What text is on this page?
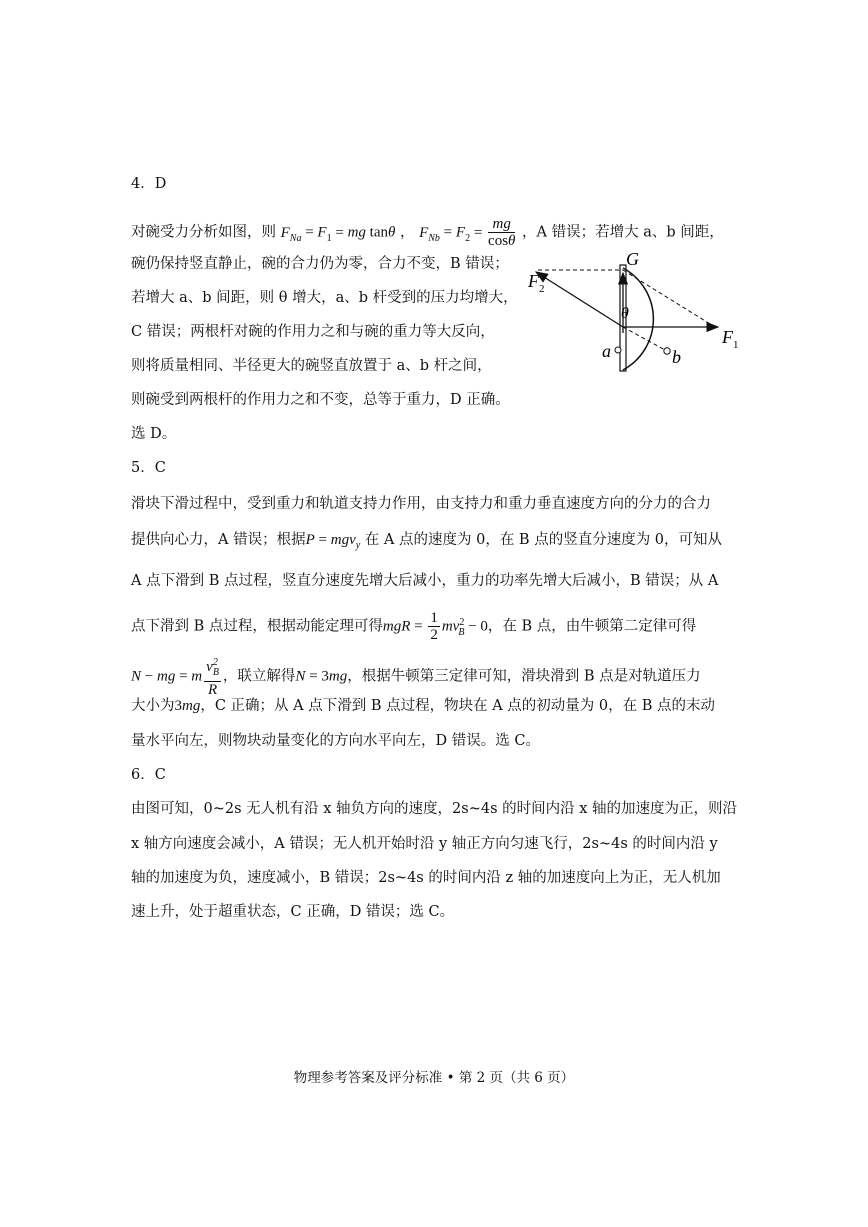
4．D
对碗受力分析如图，则 $F_{Na} = F_1$ = mg tanθ ， $F_{Nb} = F_2 = \frac{mg}{\cos\theta}$ ，A 错误；若增大 a、b 间距，
碗仍保持竖直静止，碗的合力仍为零，合力不变，B 错误；
若增大 a、b 间距，则 θ 增大，a、b 杆受到的压力均增大，
C 错误；两根杆对碗的作用力之和与碗的重力等大反向，
则将质量相同、半径更大的碗竖直放置于 a、b 杆之间，
则碗受到两根杆的作用力之和不变，总等于重力，D 正确。
选 D。
G
$F_2$
$F_1$
θ
a	b
5．C
滑块下滑过程中，受到重力和轨道支持力作用，由支持力和重力垂直速度方向的分力的合力
提供向心力，A 错误；根据P = mgv$_y$ 在 A 点的速度为 0，在 B 点的竖直分速度为 0，可知从
A 点下滑到 B 点过程，竖直分速度先增大后减小，重力的功率先增大后减小，B 错误；从 A
点下滑到 B 点过程，根据动能定理可得mgR = $\frac{1}{2} mv^2_B - 0$，在 B 点，由牛顿第二定律可得
N − mg = m $\frac{v^2_B}{R}$ ，联立解得N = 3mg，根据牛顿第三定律可知，滑块滑到 B 点是对轨道压力
大小为3mg，C 正确；从 A 点下滑到 B 点过程，物块在 A 点的初动量为 0，在 B 点的末动
量水平向左，则物块动量变化的方向水平向左，D 错误。选 C。
6．C
由图可知，0~2s 无人机有沿 x 轴负方向的速度，2s~4s 的时间内沿 x 轴的加速度为正，则沿
x 轴方向速度会减小，A 错误；无人机开始时沿 y 轴正方向匀速飞行，2s~4s 的时间内沿 y
轴的加速度为负，速度减小，B 错误；2s~4s 的时间内沿 z 轴的加速度向上为正，无人机加
速上升，处于超重状态，C 正确，D 错误；选 C。
物理参考答案及评分标准 • 第 2 页（共 6 页）
